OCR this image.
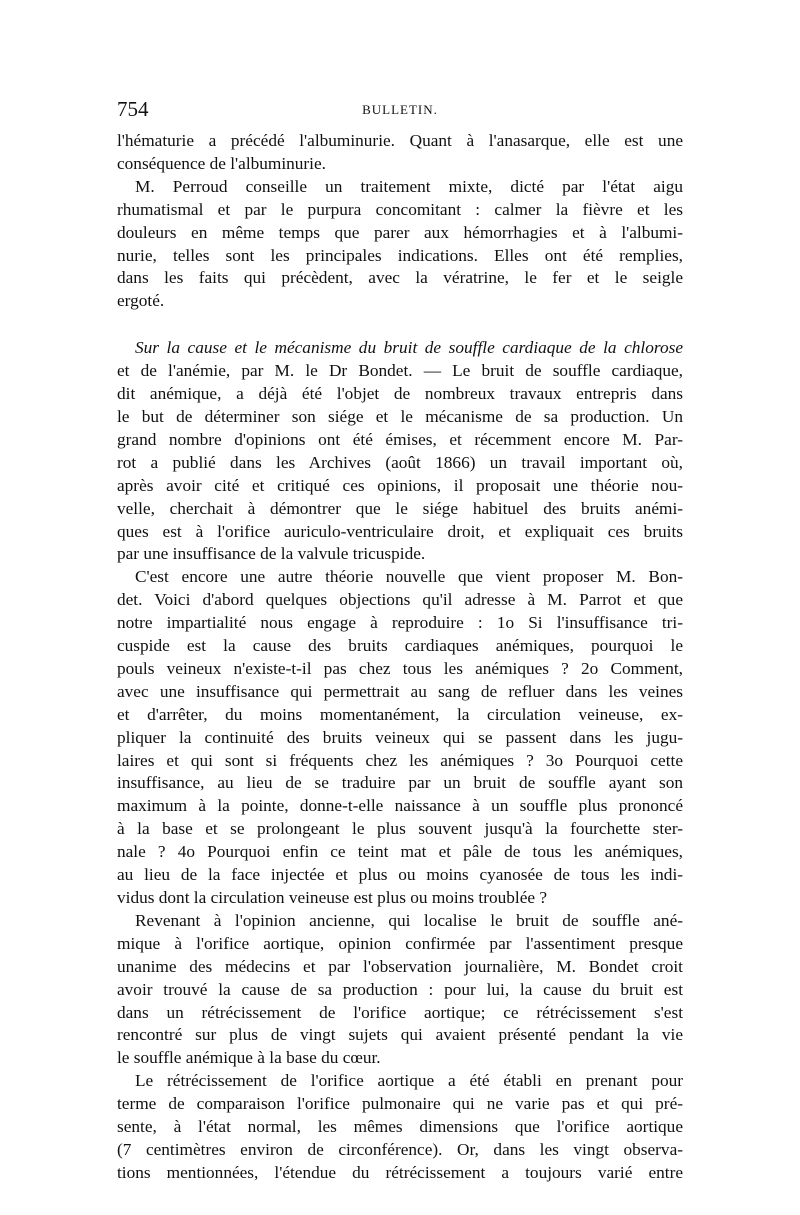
754	BULLETIN.

l'hématurie a précédé l'albuminurie. Quant à l'anasarque, elle est une
conséquence de l'albuminurie.

M. Perroud conseille un traitement mixte, dicté par l'état aigu
rhumatismal et par le purpura concomitant : calmer la fièvre et les
douleurs en même temps que parer aux hémorrhagies et à l'albumi-
nurie, telles sont les principales indications. Elles ont été remplies,
dans les faits qui précèdent, avec la vératrine, le fer et le seigle
ergoté.

Sur la cause et le mécanisme du bruit de souffle cardiaque de la chlorose
et de l'anémie, par M. le Dr Bondet. — Le bruit de souffle cardiaque,
dit anémique, a déjà été l'objet de nombreux travaux entrepris dans
le but de déterminer son siége et le mécanisme de sa production. Un
grand nombre d'opinions ont été émises, et récemment encore M. Par-
rot a publié dans les Archives (août 1866) un travail important où,
après avoir cité et critiqué ces opinions, il proposait une théorie nou-
velle, cherchait à démontrer que le siége habituel des bruits anémi-
ques est à l'orifice auriculo-ventriculaire droit, et expliquait ces bruits
par une insuffisance de la valvule tricuspide.

C'est encore une autre théorie nouvelle que vient proposer M. Bon-
det. Voici d'abord quelques objections qu'il adresse à M. Parrot et que
notre impartialité nous engage à reproduire : 1o Si l'insuffisance tri-
cuspide est la cause des bruits cardiaques anémiques, pourquoi le
pouls veineux n'existe-t-il pas chez tous les anémiques ? 2o Comment,
avec une insuffisance qui permettrait au sang de refluer dans les veines
et d'arrêter, du moins momentanément, la circulation veineuse, ex-
pliquer la continuité des bruits veineux qui se passent dans les jugu-
laires et qui sont si fréquents chez les anémiques ? 3o Pourquoi cette
insuffisance, au lieu de se traduire par un bruit de souffle ayant son
maximum à la pointe, donne-t-elle naissance à un souffle plus prononcé
à la base et se prolongeant le plus souvent jusqu'à la fourchette ster-
nale ? 4o Pourquoi enfin ce teint mat et pâle de tous les anémiques,
au lieu de la face injectée et plus ou moins cyanosée de tous les indi-
vidus dont la circulation veineuse est plus ou moins troublée ?

Revenant à l'opinion ancienne, qui localise le bruit de souffle ané-
mique à l'orifice aortique, opinion confirmée par l'assentiment presque
unanime des médecins et par l'observation journalière, M. Bondet croit
avoir trouvé la cause de sa production : pour lui, la cause du bruit est
dans un rétrécissement de l'orifice aortique; ce rétrécissement s'est
rencontré sur plus de vingt sujets qui avaient présenté pendant la vie
le souffle anémique à la base du cœur.

Le rétrécissement de l'orifice aortique a été établi en prenant pour
terme de comparaison l'orifice pulmonaire qui ne varie pas et qui pré-
sente, à l'état normal, les mêmes dimensions que l'orifice aortique
(7 centimètres environ de circonférence). Or, dans les vingt observa-
tions mentionnées, l'étendue du rétrécissement a toujours varié entre
